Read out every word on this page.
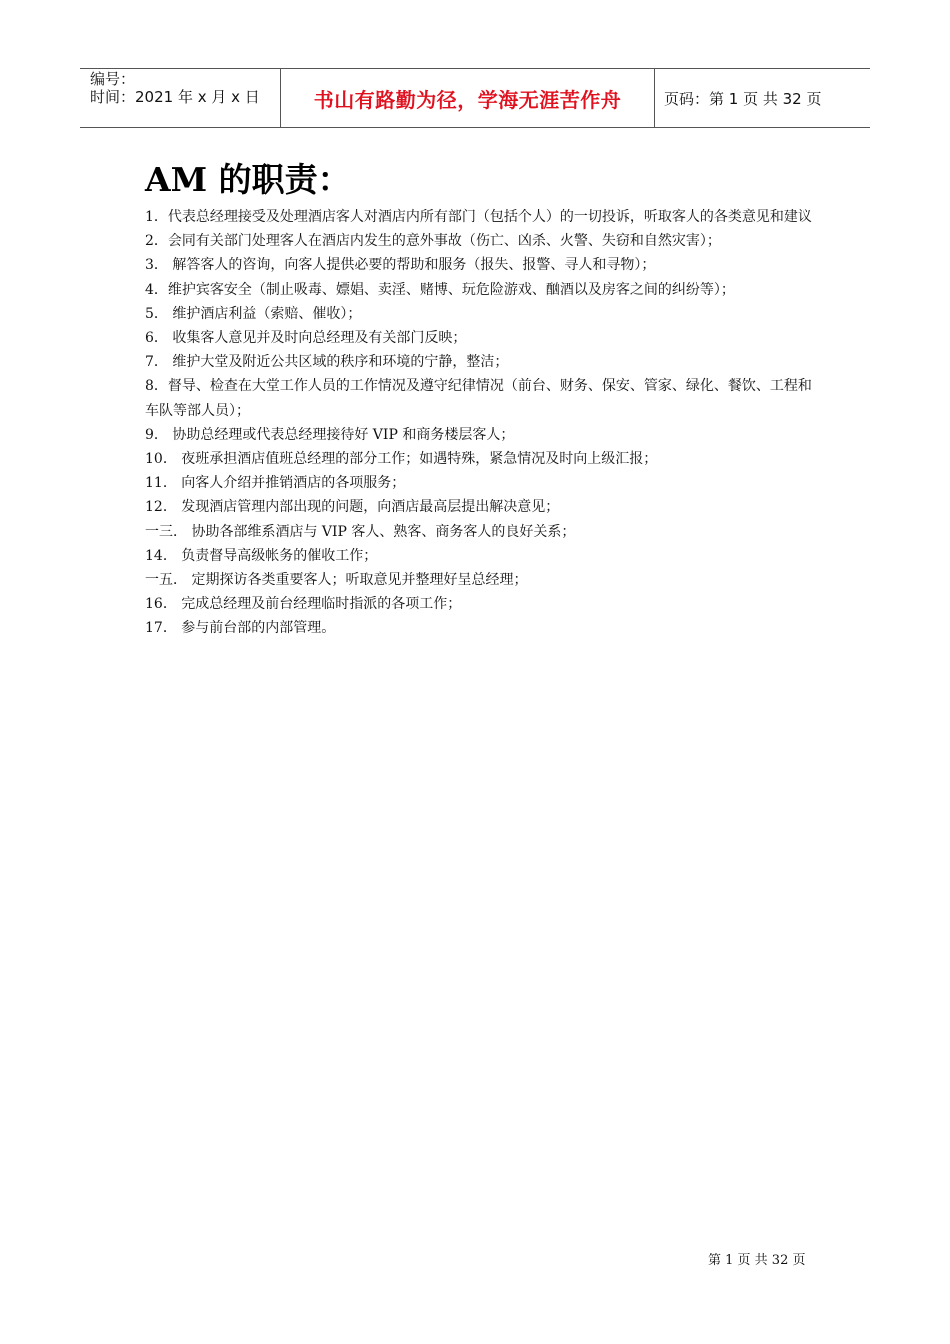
编号：
时间：2021 年 x 月 x 日	书山有路勤为径，学海无涯苦作舟	页码：第 1 页 共 32 页
AM 的职责：
1．代表总经理接受及处理酒店客人对酒店内所有部门（包括个人）的一切投诉，听取客人的各类意见和建议
2．会同有关部门处理客人在酒店内发生的意外事故（伤亡、凶杀、火警、失窃和自然灾害）；
3． 解答客人的咨询，向客人提供必要的帮助和服务（报失、报警、寻人和寻物）；
4．维护宾客安全（制止吸毒、嫖娼、卖淫、赌博、玩危险游戏、酗酒以及房客之间的纠纷等）；
5． 维护酒店利益（索赔、催收）；
6． 收集客人意见并及时向总经理及有关部门反映；
7． 维护大堂及附近公共区域的秩序和环境的宁静，整洁；
8．督导、检查在大堂工作人员的工作情况及遵守纪律情况（前台、财务、保安、管家、绿化、餐饮、工程和车队等部人员）；
9． 协助总经理或代表总经理接待好 VIP 和商务楼层客人；
10． 夜班承担酒店值班总经理的部分工作；如遇特殊，紧急情况及时向上级汇报；
11． 向客人介绍并推销酒店的各项服务；
12． 发现酒店管理内部出现的问题，向酒店最高层提出解决意见；
一三． 协助各部维系酒店与 VIP 客人、熟客、商务客人的良好关系；
14． 负责督导高级帐务的催收工作；
一五． 定期探访各类重要客人；听取意见并整理好呈总经理；
16． 完成总经理及前台经理临时指派的各项工作；
17． 参与前台部的内部管理。
第 1 页 共 32 页
